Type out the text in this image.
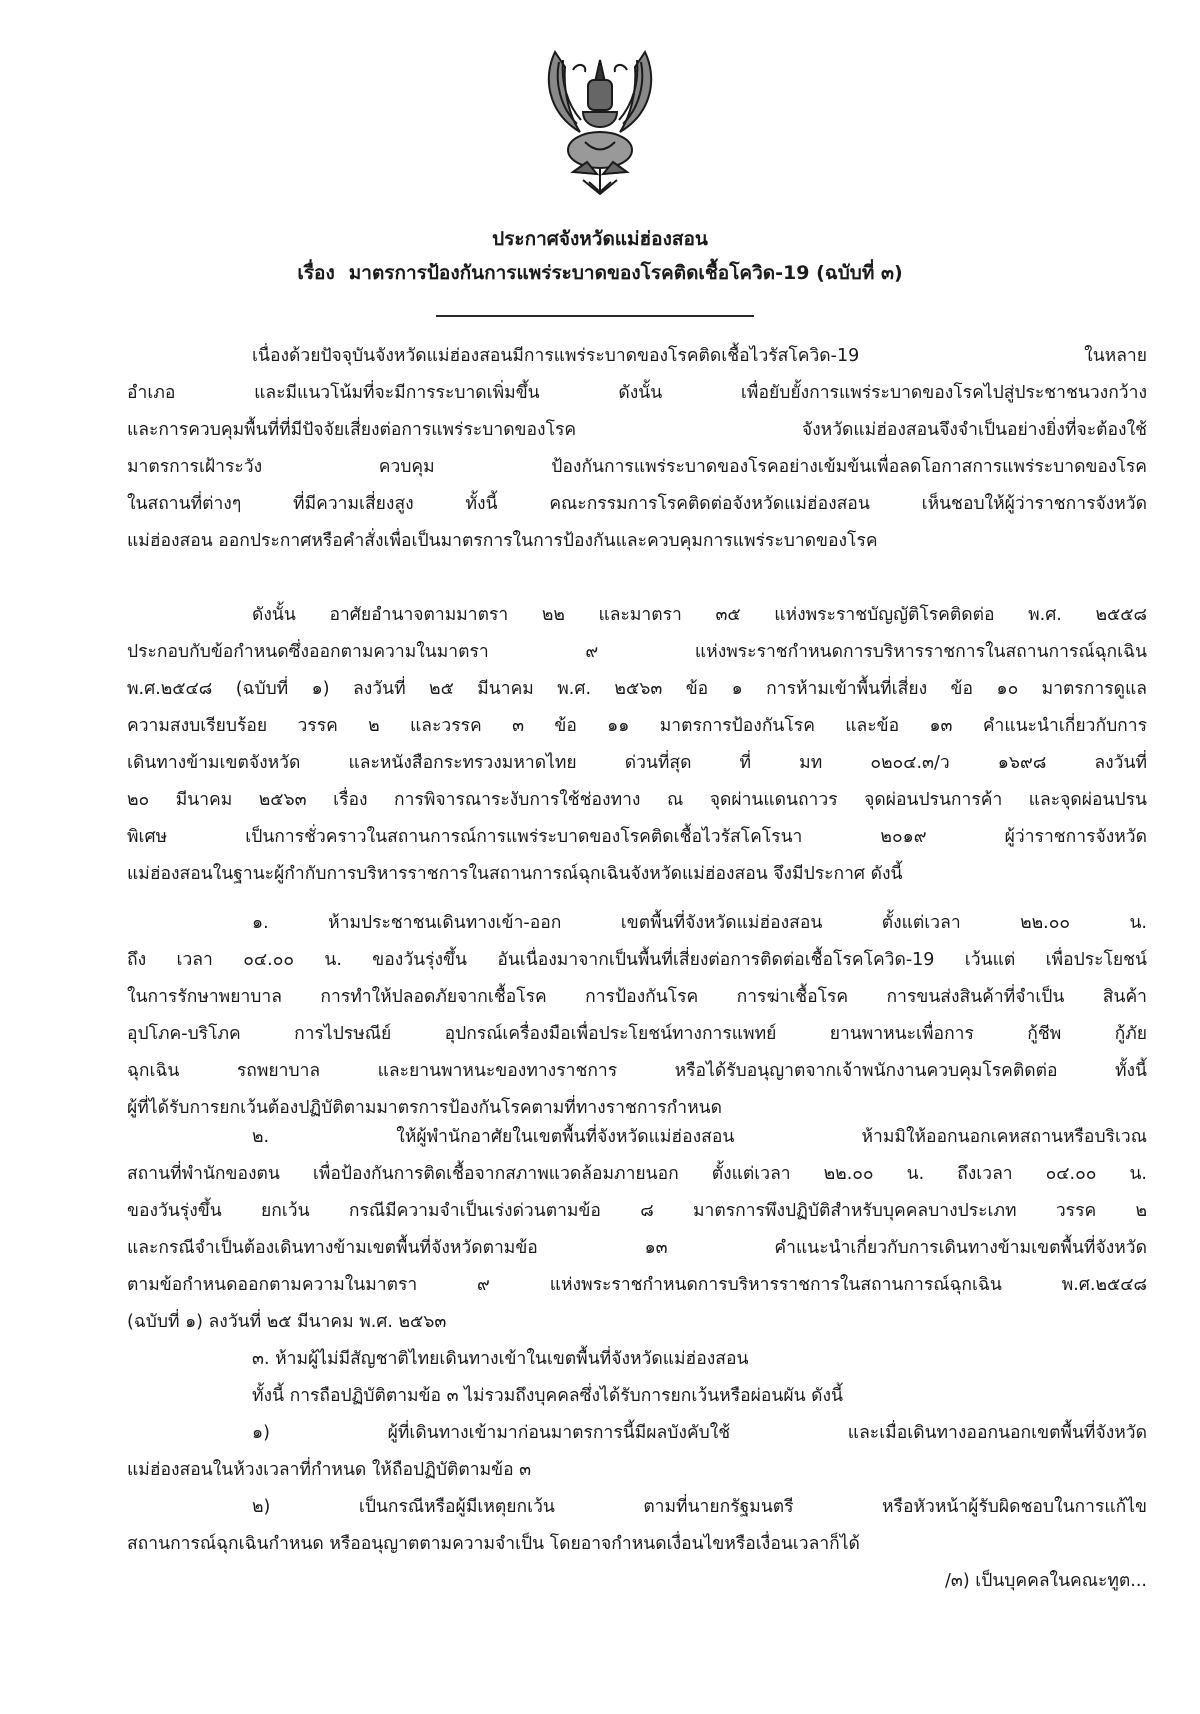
ประกาศจังหวัดแม่ฮ่องสอน
เรื่อง มาตรการป้องกันการแพร่ระบาดของโรคติดเชื้อโควิด-19 (ฉบับที่ ๓)
เนื่องด้วยปัจจุบันจังหวัดแม่ฮ่องสอนมีการแพร่ระบาดของโรคติดเชื้อไวรัสโควิด-19 ในหลาย
อำเภอ และมีแนวโน้มที่จะมีการระบาดเพิ่มขึ้น ดังนั้น เพื่อยับยั้งการแพร่ระบาดของโรคไปสู่ประชาชนวงกว้าง
และการควบคุมพื้นที่ที่มีปัจจัยเสี่ยงต่อการแพร่ระบาดของโรค จังหวัดแม่ฮ่องสอนจึงจำเป็นอย่างยิ่งที่จะต้องใช้
มาตรการเฝ้าระวัง ควบคุม ป้องกันการแพร่ระบาดของโรคอย่างเข้มข้นเพื่อลดโอกาสการแพร่ระบาดของโรค
ในสถานที่ต่างๆ ที่มีความเสี่ยงสูง ทั้งนี้ คณะกรรมการโรคติดต่อจังหวัดแม่ฮ่องสอน เห็นชอบให้ผู้ว่าราชการจังหวัด
แม่ฮ่องสอน ออกประกาศหรือคำสั่งเพื่อเป็นมาตรการในการป้องกันและควบคุมการแพร่ระบาดของโรค
ดังนั้น อาศัยอำนาจตามมาตรา ๒๒ และมาตรา ๓๕ แห่งพระราชบัญญัติโรคติดต่อ พ.ศ. ๒๕๕๘
ประกอบกับข้อกำหนดซึ่งออกตามความในมาตรา ๙ แห่งพระราชกำหนดการบริหารราชการในสถานการณ์ฉุกเฉิน
พ.ศ.๒๕๔๘ (ฉบับที่ ๑) ลงวันที่ ๒๕ มีนาคม พ.ศ. ๒๕๖๓ ข้อ ๑ การห้ามเข้าพื้นที่เสี่ยง ข้อ ๑๐ มาตรการดูแล
ความสงบเรียบร้อย วรรค ๒ และวรรค ๓ ข้อ ๑๑ มาตรการป้องกันโรค และข้อ ๑๓ คำแนะนำเกี่ยวกับการ
เดินทางข้ามเขตจังหวัด และหนังสือกระทรวงมหาดไทย ด่วนที่สุด ที่ มท ๐๒๐๔.๓/ว ๑๖๙๘ ลงวันที่
๒๐ มีนาคม ๒๕๖๓ เรื่อง การพิจารณาระงับการใช้ช่องทาง ณ จุดผ่านแดนถาวร จุดผ่อนปรนการค้า และจุดผ่อนปรน
พิเศษ เป็นการชั่วคราวในสถานการณ์การแพร่ระบาดของโรคติดเชื้อไวรัสโคโรนา ๒๐๑๙ ผู้ว่าราชการจังหวัด
แม่ฮ่องสอนในฐานะผู้กำกับการบริหารราชการในสถานการณ์ฉุกเฉินจังหวัดแม่ฮ่องสอน จึงมีประกาศ ดังนี้
๑. ห้ามประชาชนเดินทางเข้า-ออก เขตพื้นที่จังหวัดแม่ฮ่องสอน ตั้งแต่เวลา ๒๒.๐๐ น.
ถึง เวลา ๐๔.๐๐ น. ของวันรุ่งขึ้น อันเนื่องมาจากเป็นพื้นที่เสี่ยงต่อการติดต่อเชื้อโรคโควิด-19 เว้นแต่ เพื่อประโยชน์
ในการรักษาพยาบาล การทำให้ปลอดภัยจากเชื้อโรค การป้องกันโรค การฆ่าเชื้อโรค การขนส่งสินค้าที่จำเป็น สินค้า
อุปโภค-บริโภค การไปรษณีย์ อุปกรณ์เครื่องมือเพื่อประโยชน์ทางการแพทย์ ยานพาหนะเพื่อการ กู้ชีพ กู้ภัย
ฉุกเฉิน รถพยาบาล และยานพาหนะของทางราชการ หรือได้รับอนุญาตจากเจ้าพนักงานควบคุมโรคติดต่อ ทั้งนี้
ผู้ที่ได้รับการยกเว้นต้องปฏิบัติตามมาตรการป้องกันโรคตามที่ทางราชการกำหนด
๒. ให้ผู้พำนักอาศัยในเขตพื้นที่จังหวัดแม่ฮ่องสอน ห้ามมิให้ออกนอกเคหสถานหรือบริเวณ
สถานที่พำนักของตน เพื่อป้องกันการติดเชื้อจากสภาพแวดล้อมภายนอก ตั้งแต่เวลา ๒๒.๐๐ น. ถึงเวลา ๐๔.๐๐ น.
ของวันรุ่งขึ้น ยกเว้น กรณีมีความจำเป็นเร่งด่วนตามข้อ ๘ มาตรการพึงปฏิบัติสำหรับบุคคลบางประเภท วรรค ๒
และกรณีจำเป็นต้องเดินทางข้ามเขตพื้นที่จังหวัดตามข้อ ๑๓ คำแนะนำเกี่ยวกับการเดินทางข้ามเขตพื้นที่จังหวัด
ตามข้อกำหนดออกตามความในมาตรา ๙ แห่งพระราชกำหนดการบริหารราชการในสถานการณ์ฉุกเฉิน พ.ศ.๒๕๔๘
(ฉบับที่ ๑) ลงวันที่ ๒๕ มีนาคม พ.ศ. ๒๕๖๓
๓. ห้ามผู้ไม่มีสัญชาติไทยเดินทางเข้าในเขตพื้นที่จังหวัดแม่ฮ่องสอน
ทั้งนี้ การถือปฏิบัติตามข้อ ๓ ไม่รวมถึงบุคคลซึ่งได้รับการยกเว้นหรือผ่อนผัน ดังนี้
๑) ผู้ที่เดินทางเข้ามาก่อนมาตรการนี้มีผลบังคับใช้ และเมื่อเดินทางออกนอกเขตพื้นที่จังหวัด
แม่ฮ่องสอนในห้วงเวลาที่กำหนด ให้ถือปฏิบัติตามข้อ ๓
๒) เป็นกรณีหรือผู้มีเหตุยกเว้น ตามที่นายกรัฐมนตรี หรือหัวหน้าผู้รับผิดชอบในการแก้ไข
สถานการณ์ฉุกเฉินกำหนด หรืออนุญาตตามความจำเป็น โดยอาจกำหนดเงื่อนไขหรือเงื่อนเวลาก็ได้
/๓) เป็นบุคคลในคณะทูต...
